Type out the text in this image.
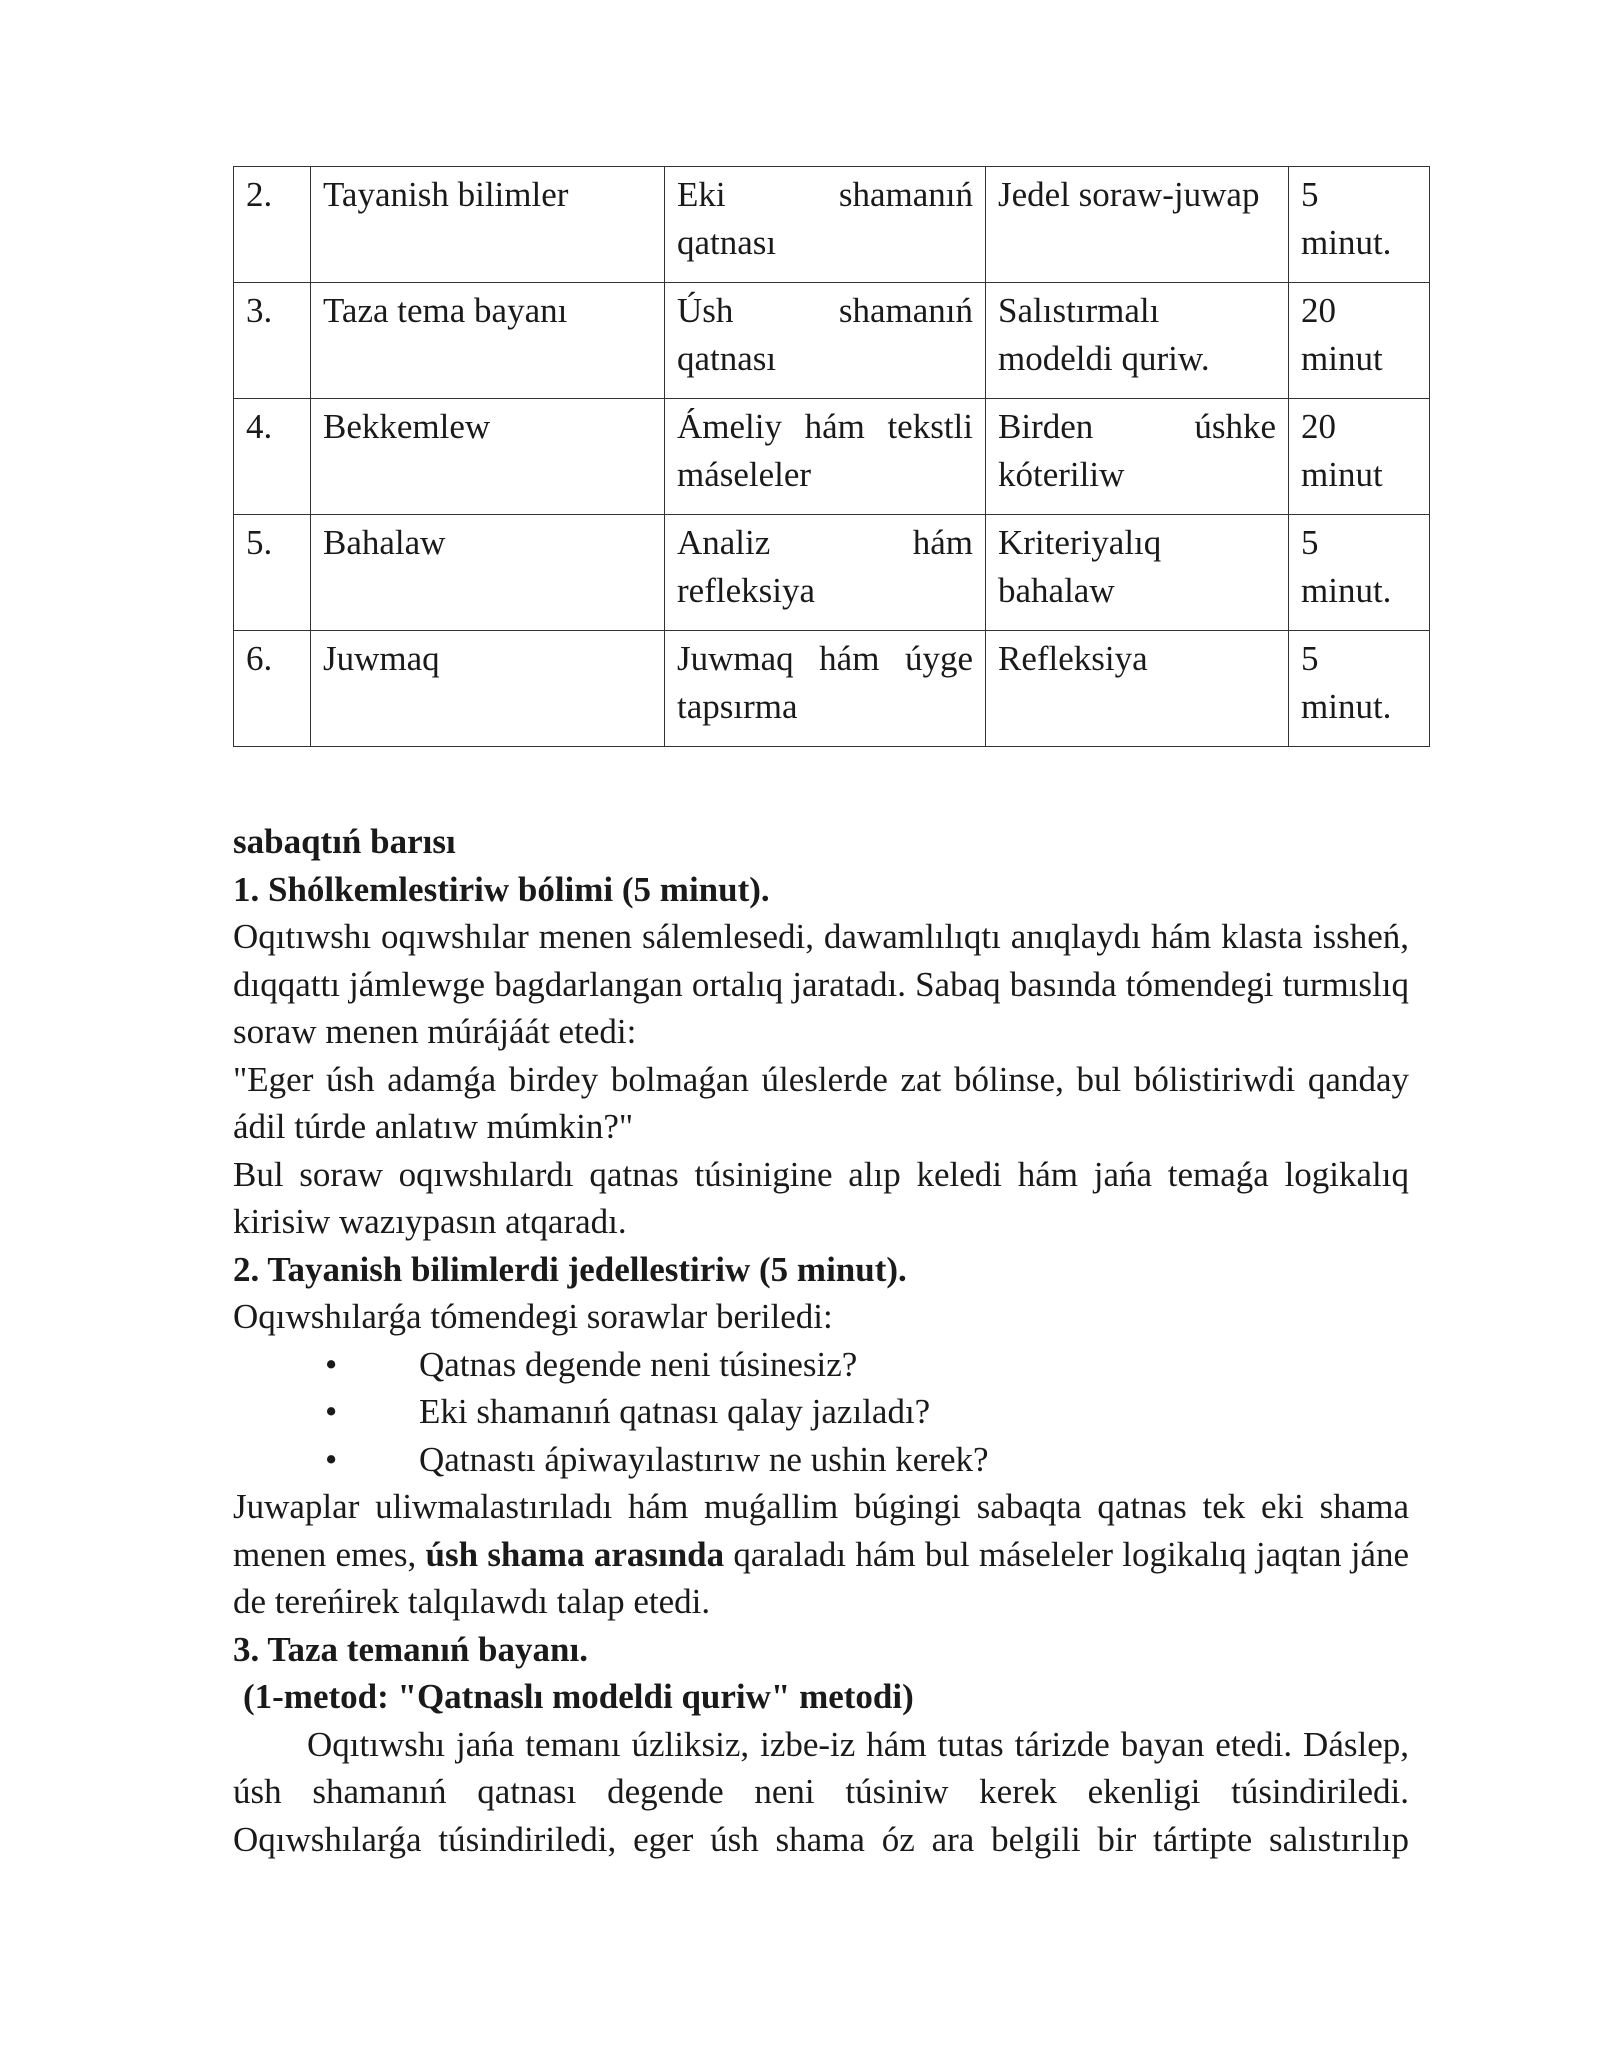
2.	Tayanish bilimler	Eki shamanıń qatnası	Jedel soraw-juwap	5 minut.
3.	Taza tema bayanı	Úsh shamanıń qatnası	Salıstırmalı modeldi quriw.	20 minut
4.	Bekkemlew	Ámeliy hám tekstli máseleler	Birden úshke kóteriliw	20 minut
5.	Bahalaw	Analiz hám refleksiya	Kriteriyalıq bahalaw	5 minut.
6.	Juwmaq	Juwmaq hám úyge tapsırma	Refleksiya	5 minut.

sabaqtıń barısı

1. Shólkemlestiriw bólimi (5 minut).

Oqıtıwshı oqıwshılar menen sálemlesedi, dawamlılıqtı anıqlaydı hám klasta issheń, dıqqattı jámlewge bagdarlangan ortalıq jaratadı. Sabaq basında tómendegi turmıslıq soraw menen múrájáát etedi:

"Eger úsh adamǵa birdey bolmaǵan úleslerde zat bólinse, bul bólistiriwdi qanday ádil túrde anlatıw múmkin?"

Bul soraw oqıwshılardı qatnas túsinigine alıp keledi hám jańa temaǵa logikalıq kirisiw wazıypasın atqaradı.

2. Tayanish bilimlerdi jedellestiriw (5 minut).

Oqıwshılarǵa tómendegi sorawlar beriledi:

• Qatnas degende neni túsinesiz?
• Eki shamanıń qatnası qalay jazıladı?
• Qatnastı ápiwayılastırıw ne ushin kerek?

Juwaplar uliwmalastırıladı hám muǵallim búgingi sabaqta qatnas tek eki shama menen emes, úsh shama arasında qaraladı hám bul máseleler logikalıq jaqtan jáne de tereńirek talqılawdı talap etedi.

3. Taza temanıń bayanı.

(1-metod: "Qatnaslı modeldi quriw" metodi)

Oqıtıwshı jańa temanı úzliksiz, izbe-iz hám tutas tárizde bayan etedi. Dáslep, úsh shamanıń qatnası degende neni túsiniw kerek ekenligi túsindiriledi. Oqıwshılarǵa túsindiriledi, eger úsh shama óz ara belgili bir tártipte salıstırılıp
